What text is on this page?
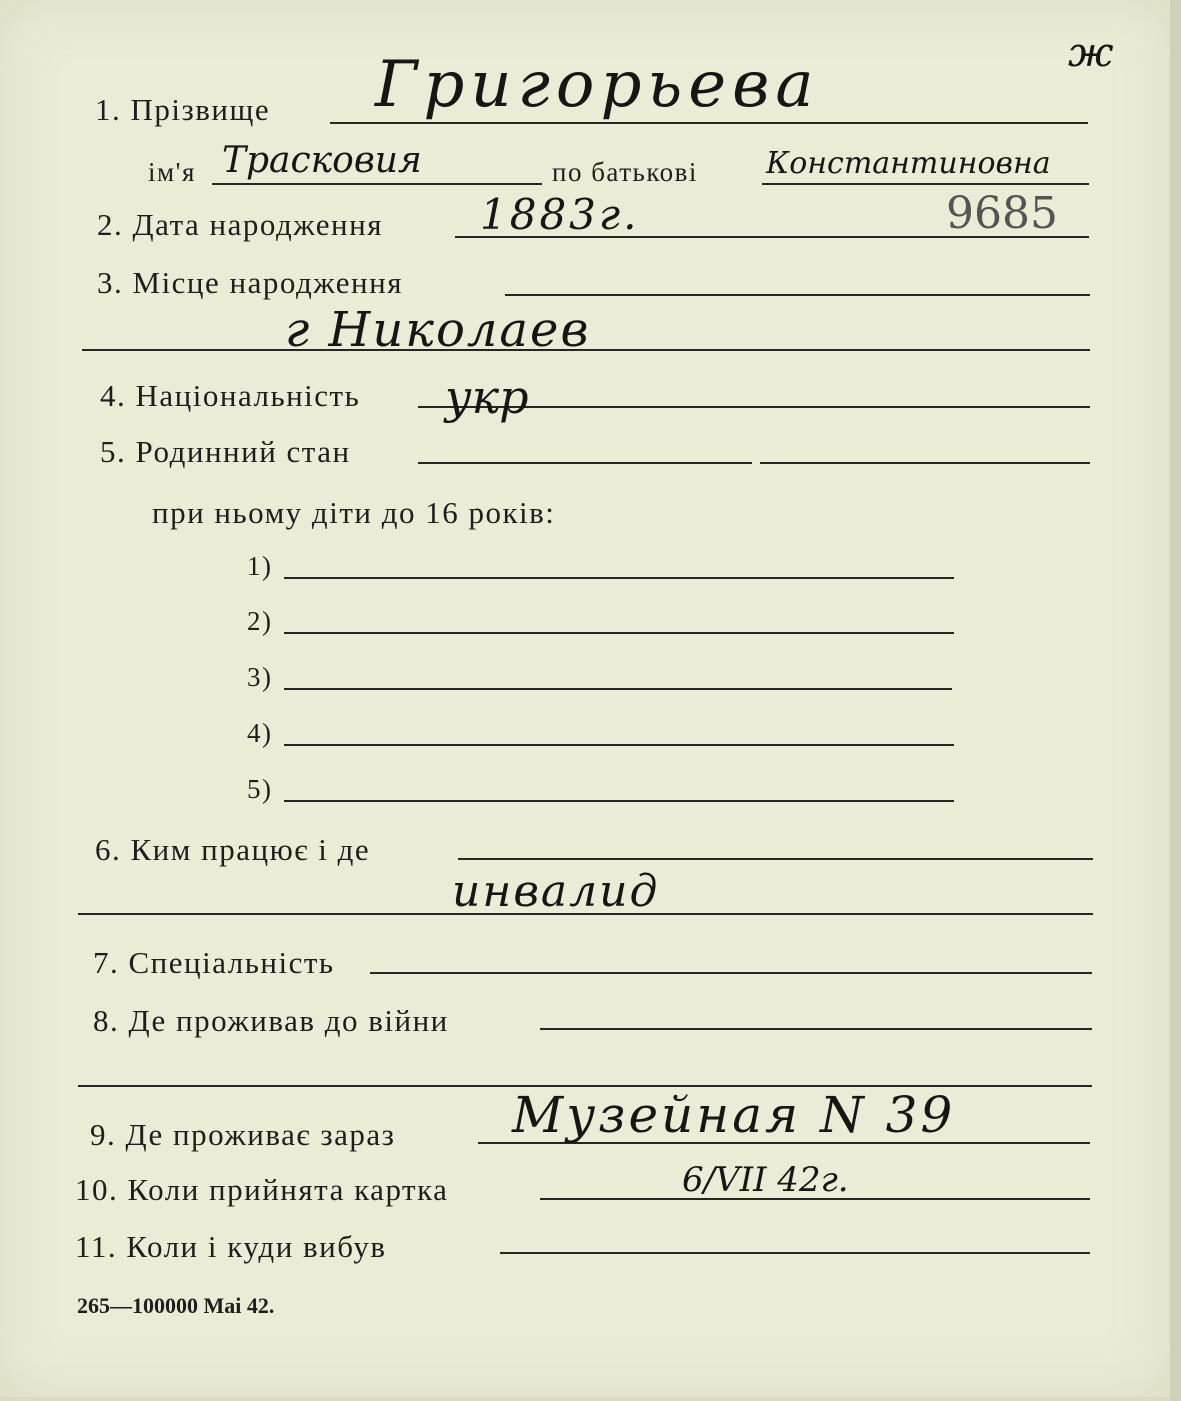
1. Прізвище Григорьева	ж
ім'я Трасковия	по батькові Константиновна
2. Дата народження 1883г.	9685
3. Місце народження
г Николаев
4. Національність укр
5. Родинний стан
при ньому діти до 16 років:
1)
2)
3)
4)
5)
6. Ким працює і де
инвалид
7. Спеціальність
8. Де проживав до війни
9. Де проживає зараз Музейная N 39
10. Коли прийнята картка	6/VII 42г.
11. Коли і куди вибув
265—100000 Mai 42.
